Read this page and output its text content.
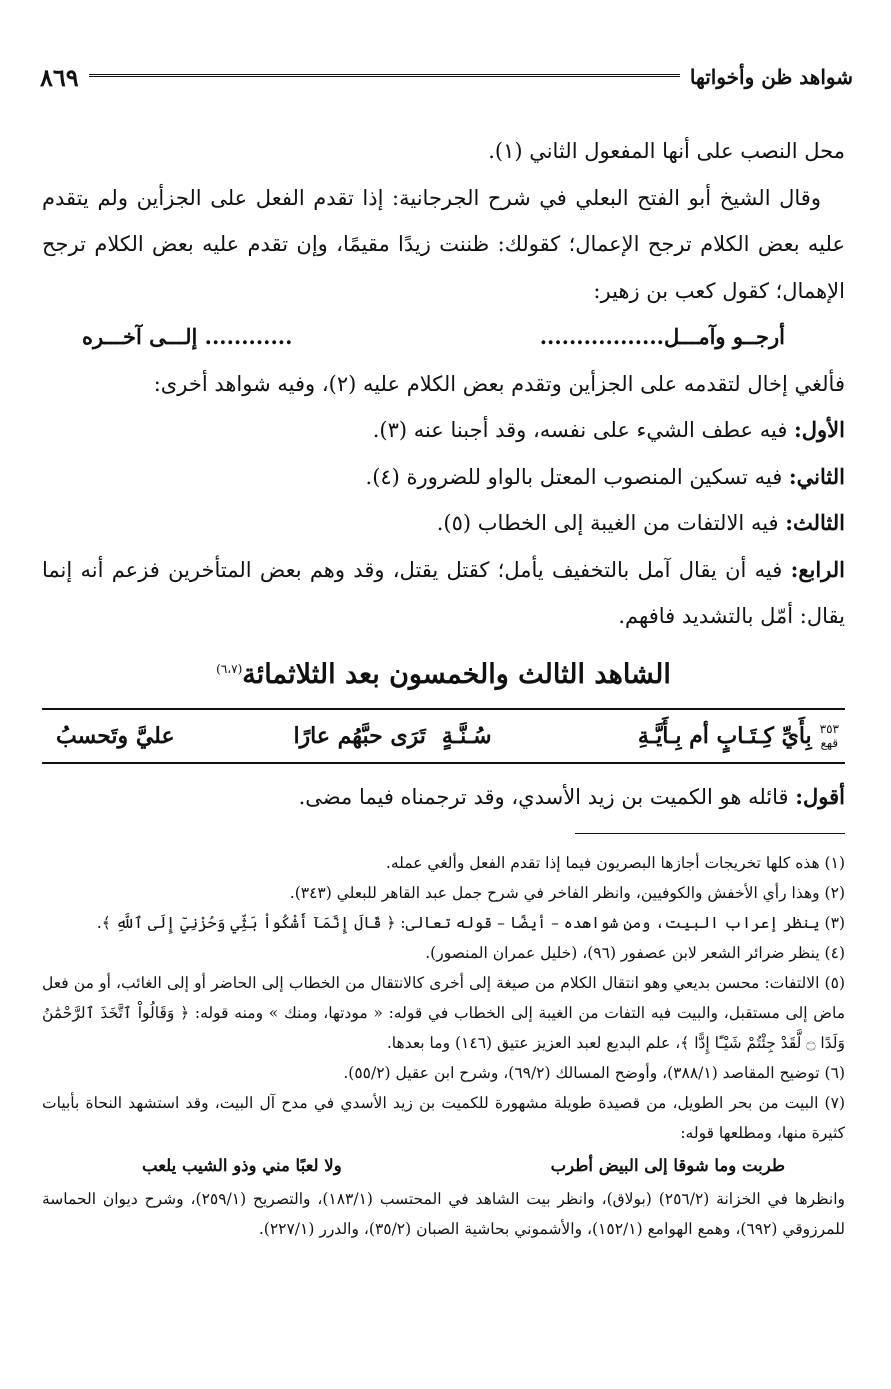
شواهد ظن وأخواتها
٨٦٩

محل النصب على أنها المفعول الثاني (١).

وقال الشيخ أبو الفتح البعلي في شرح الجرجانية: إذا تقدم الفعل على الجزأين ولم يتقدم عليه بعض الكلام ترجح الإعمال؛ كقولك: ظننت زيدًا مقيمًا، وإن تقدم عليه بعض الكلام ترجح الإهمال؛ كقول كعب بن زهير:

أرجــو وآمـــل.................
............ إلـــى آخـــره

فألغي إخال لتقدمه على الجزأين وتقدم بعض الكلام عليه (٢)، وفيه شواهد أخرى:

الأول: فيه عطف الشيء على نفسه، وقد أجبنا عنه (٣).

الثاني: فيه تسكين المنصوب المعتل بالواو للضرورة (٤).

الثالث: فيه الالتفات من الغيبة إلى الخطاب (٥).

الرابع: فيه أن يقال آمل بالتخفيف يأمل؛ كقتل يقتل، وقد وهم بعض المتأخرين فزعم أنه إنما يقال: أمّل بالتشديد فافهم.

الشاهد الثالث والخمسون بعد الثلاثمائة$^{(٦،٧)}$
٣٥٣
قهع
بِأَيِّ كِـتَـابٍ أم بِـأَيَّـةِ
سُـنَّـةٍ
تَرَى حبَّهُم عارًا
عليَّ وتَحسبُ

أقول: قائله هو الكميت بن زيد الأسدي، وقد ترجمناه فيما مضى.

(١) هذه كلها تخريجات أجازها البصريون فيما إذا تقدم الفعل وألغي عمله.

(٢) وهذا رأي الأخفش والكوفيين، وانظر الفاخر في شرح جمل عبد القاهر للبعلي (٣٤٣).

(٣) ينظر إعراب البيت، ومن شواهده – أيضًا – قوله تعالى: ﴿ قَالَ إِنَّمَآ أَشْكُواْ بَثِّي وَحُزْنِيٓ إِلَى ٱللَّهِ ﴾.

(٤) ينظر ضرائر الشعر لابن عصفور (٩٦)، (خليل عمران المنصور).

(٥) الالتفات: محسن بديعي وهو انتقال الكلام من صيغة إلى أخرى كالانتقال من الخطاب إلى الحاضر أو إلى الغائب، أو من فعل ماض إلى مستقبل، والبيت فيه التفات من الغيبة إلى الخطاب في قوله: « مودتها، ومنك » ومنه قوله: ﴿ وَقَالُواْ ٱتَّخَذَ ٱلرَّحْمَٰنُ وَلَدًا ۝ لَّقَدْ جِئْتُمْ شَيْـًٔا إِدًّا ﴾، علم البديع لعبد العزيز عتيق (١٤٦) وما بعدها.

(٦) توضيح المقاصد (٣٨٨/١)، وأوضح المسالك (٦٩/٢)، وشرح ابن عقيل (٥٥/٢).

(٧) البيت من بحر الطويل، من قصيدة طويلة مشهورة للكميت بن زيد الأسدي في مدح آل البيت، وقد استشهد النحاة بأبيات كثيرة منها، ومطلعها قوله:

طربت وما شوقا إلى البيض أطرب
ولا لعبًا مني وذو الشيب يلعب

وانظرها في الخزانة (٢٥٦/٢) (بولاق)، وانظر بيت الشاهد في المحتسب (١٨٣/١)، والتصريح (٢٥٩/١)، وشرح ديوان الحماسة للمرزوقي (٦٩٢)، وهمع الهوامع (١٥٢/١)، والأشموني بحاشية الصبان (٣٥/٢)، والدرر (٢٢٧/١).
